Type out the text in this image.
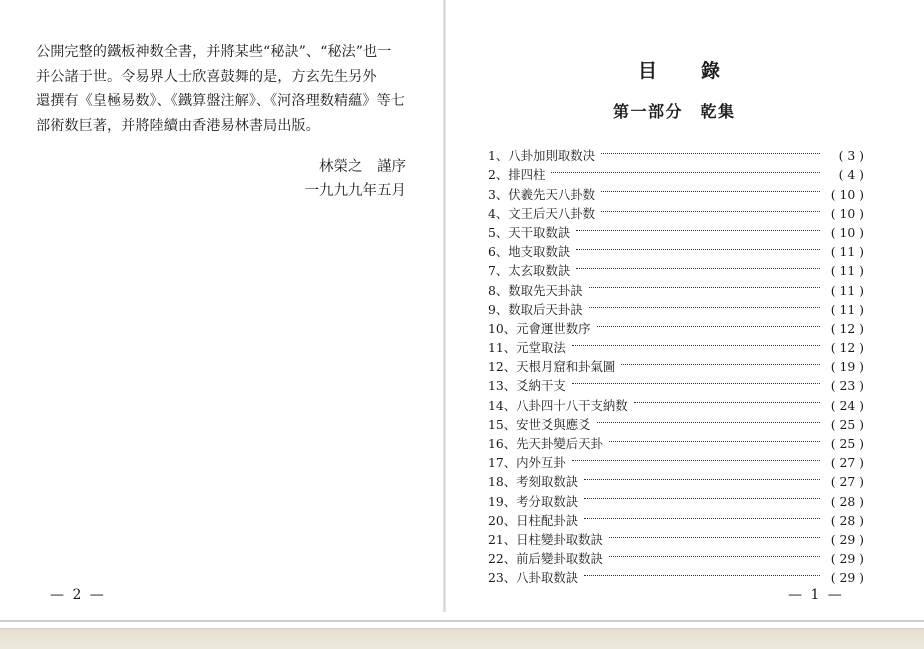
公開完整的鐵板神数全書，并將某些“秘訣”、“秘法”也一

并公諸于世。令易界人士欣喜鼓舞的是，方玄先生另外

還撰有《皇極易数》、《鐵算盤注解》、《河洛理数精蘊》等七

部術数巨著，并將陸續由香港易林書局出版。

林榮之　謹序
一九九九年五月
— 2 —
目錄
第一部分　乾集
1、 八卦加則取数决	( 3 )
2、 排四柱	( 4 )
3、 伏羲先天八卦数	( 10 )
4、 文王后天八卦数	( 10 )
5、 天干取数訣	( 10 )
6、 地支取数訣	( 11 )
7、 太玄取数訣	( 11 )
8、 数取先天卦訣	( 11 )
9、 数取后天卦訣	( 11 )
10、 元會運世数序	( 12 )
11、 元堂取法	( 12 )
12、 天根月窟和卦氣圖	( 19 )
13、 爻納干支	( 23 )
14、 八卦四十八干支納数	( 24 )
15、 安世爻與應爻	( 25 )
16、 先天卦變后天卦	( 25 )
17、 内外互卦	( 27 )
18、 考刻取数訣	( 27 )
19、 考分取数訣	( 28 )
20、 日柱配卦訣	( 28 )
21、 日柱變卦取数訣	( 29 )
22、 前后變卦取数訣	( 29 )
23、 八卦取数訣	( 29 )
— 1 —
